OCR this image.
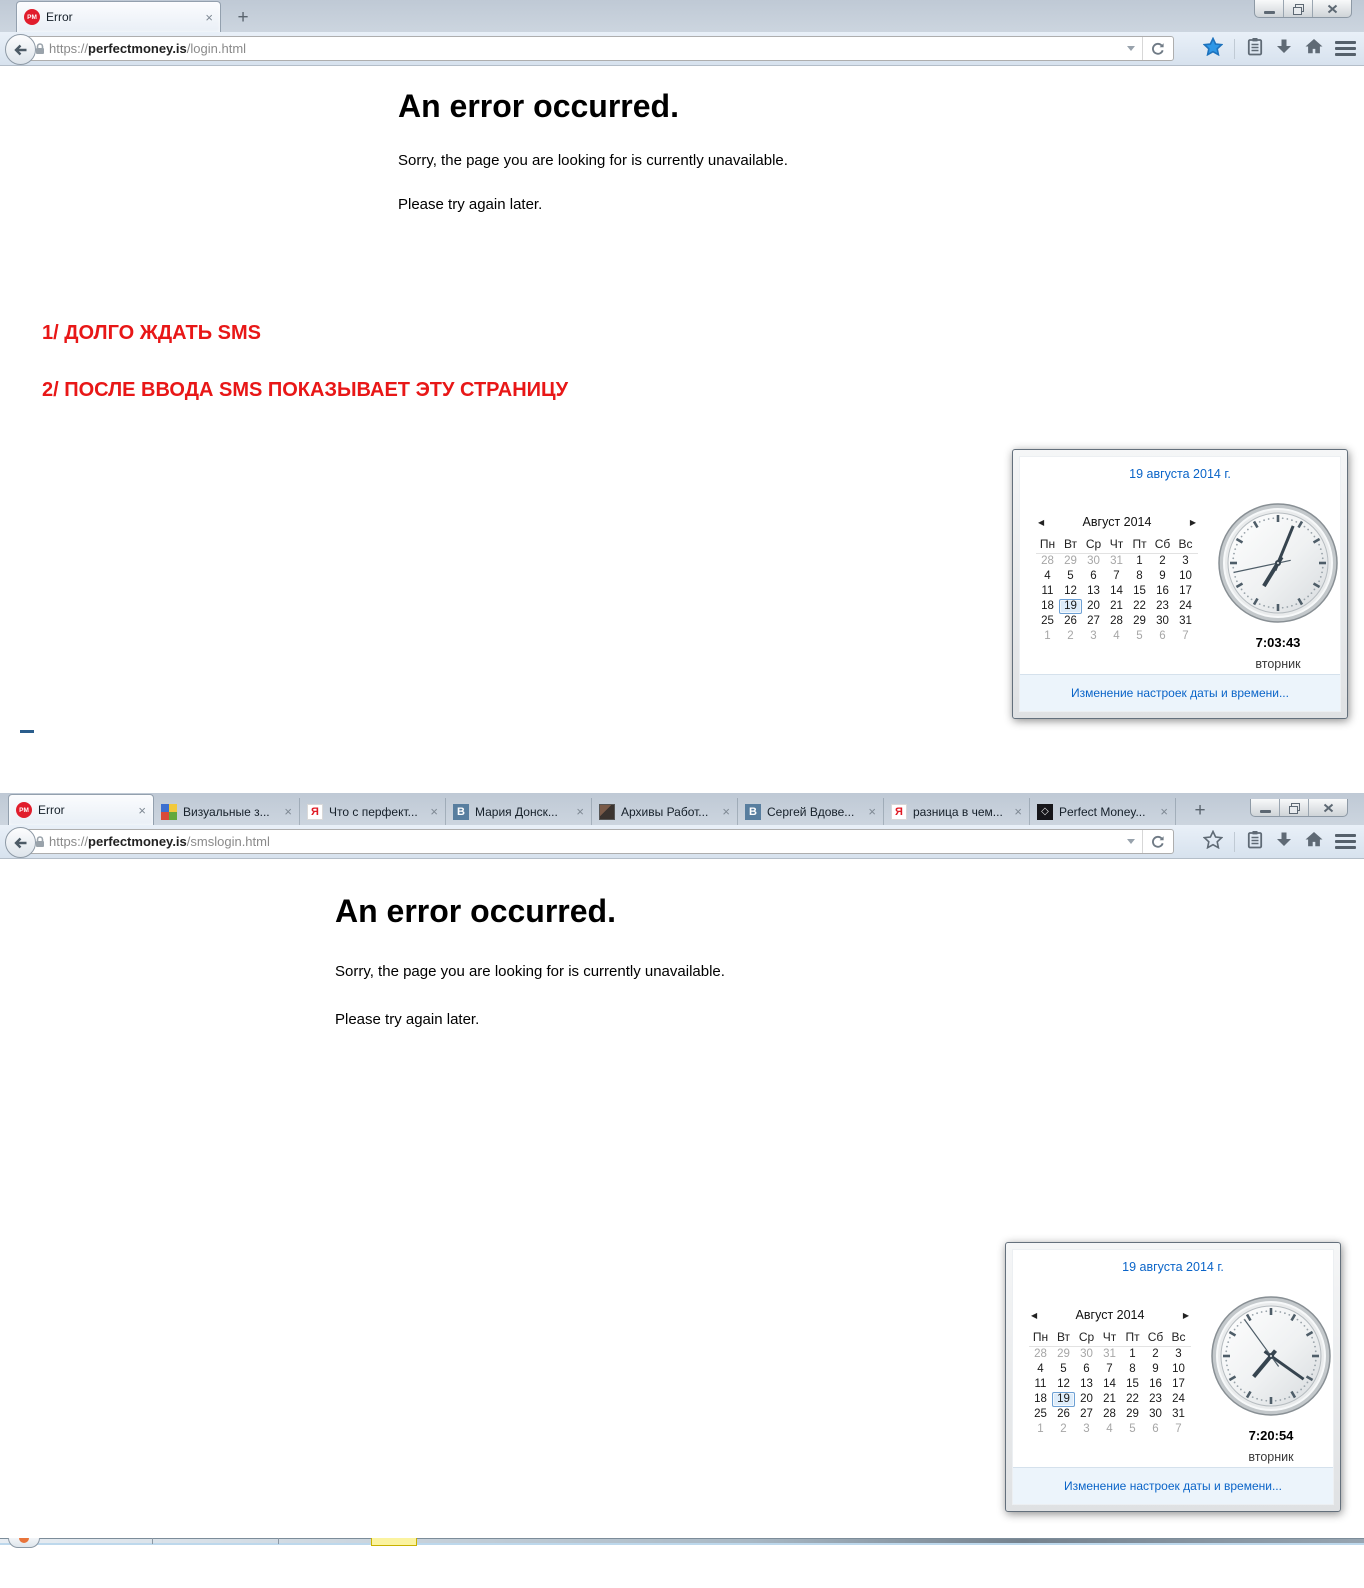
PM Error	×	+
https:// perfectmoney.is /login.html
An error occurred.

Sorry, the page you are looking for is currently unavailable.

Please try again later.

1/ ДОЛГО ЖДАТЬ SMS

2/ ПОСЛЕ ВВОДА SMS ПОКАЗЫВАЕТ ЭТУ СТРАНИЦУ

19 августа 2014 г.
◀	Август 2014	▶
Пн Вт Ср Чт Пт Сб Вс
28 29 30 31	1	2	3
4	5	6	7	8	9	10
11 12 13 14 15 16 17
18 19 20 21 22 23 24
25 26 27 28 29 30 31
1	2	3	4	5	6	7	7:03:43
вторник
Изменение настроек даты и времени...
PM Error	×	Визуальные з...	×	Я Что с перфект... ×	В Мария Донск...	×	Архивы Работ...	×	В Сергей Вдове...	×	Я разница в чем... ×	◇ Perfect Money...	×	+
https:// perfectmoney.is /smslogin.html
An error occurred.

Sorry, the page you are looking for is currently unavailable.

Please try again later.

19 августа 2014 г.
◀	Август 2014	▶
Пн Вт Ср Чт Пт Сб Вс
28 29 30 31	1	2	3
4	5	6	7	8	9	10
11 12 13 14 15 16 17
18 19 20 21 22 23 24
25 26 27 28 29 30 31
1	2	3	4	5	6	7	7:20:54
вторник
Изменение настроек даты и времени...
